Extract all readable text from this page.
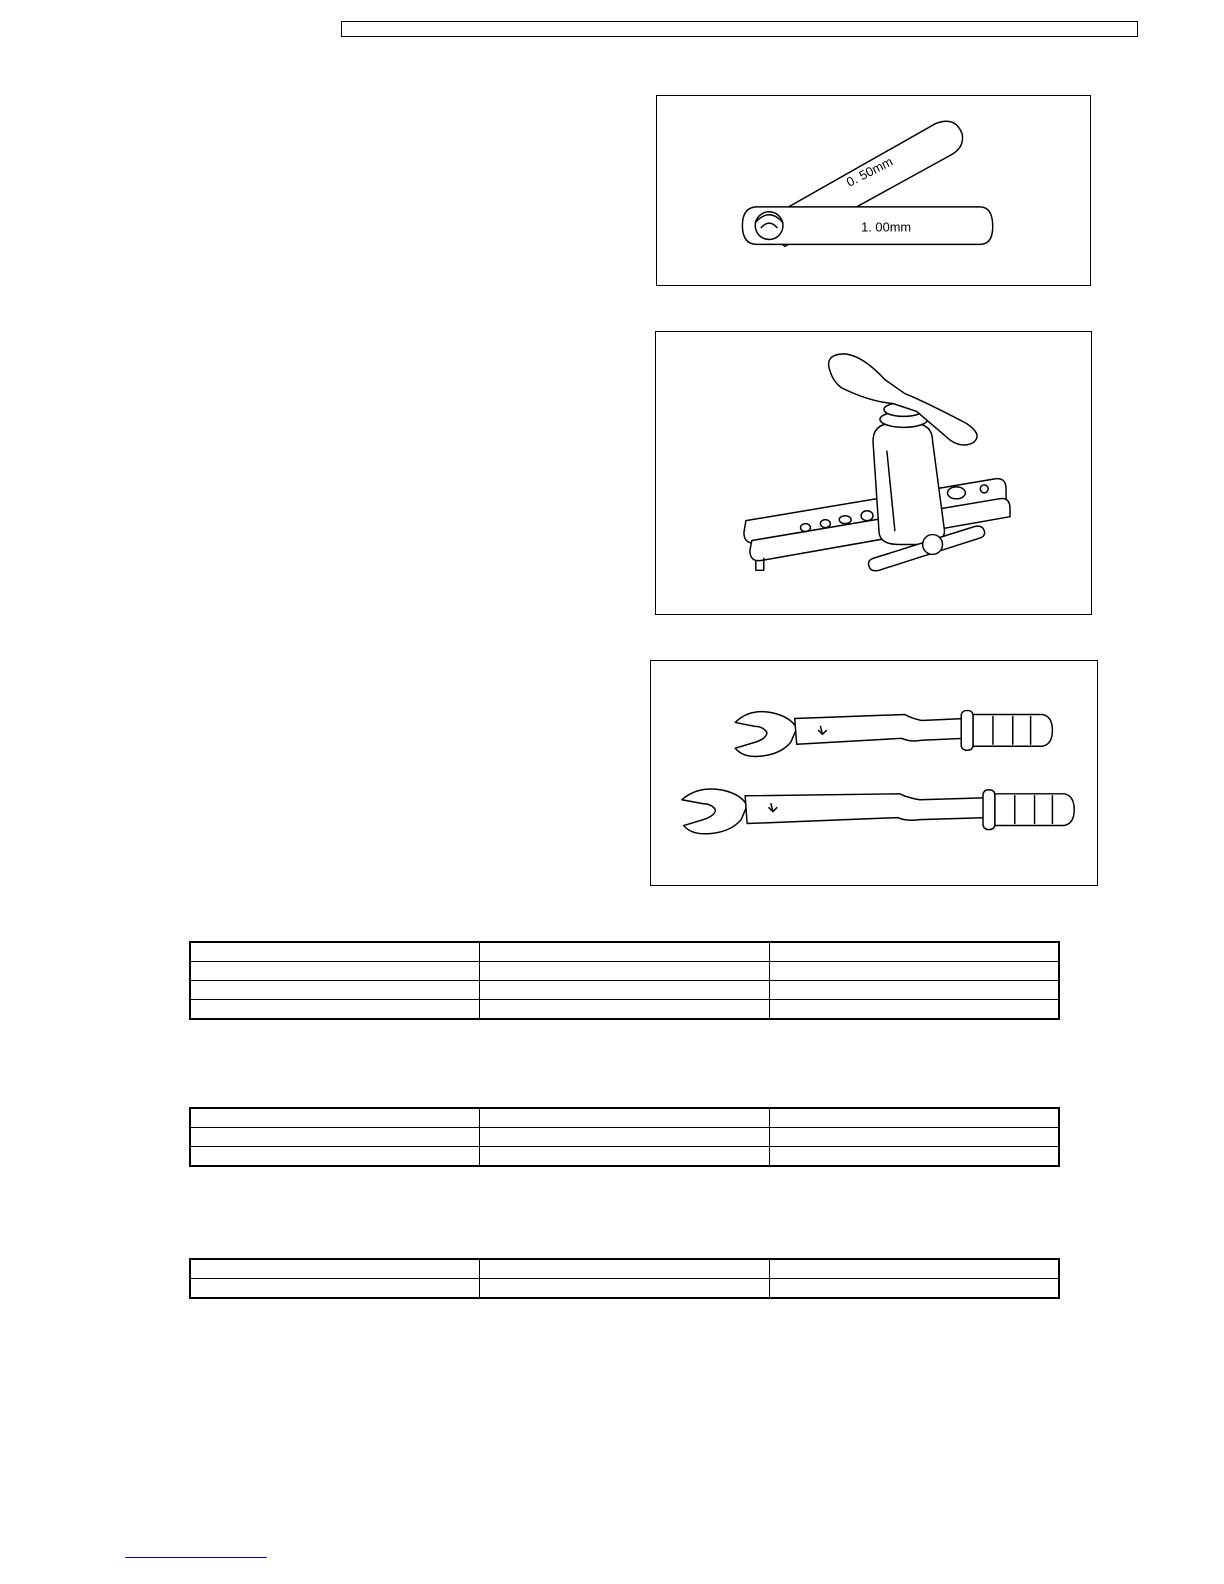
0. 50mm
1. 00mm
